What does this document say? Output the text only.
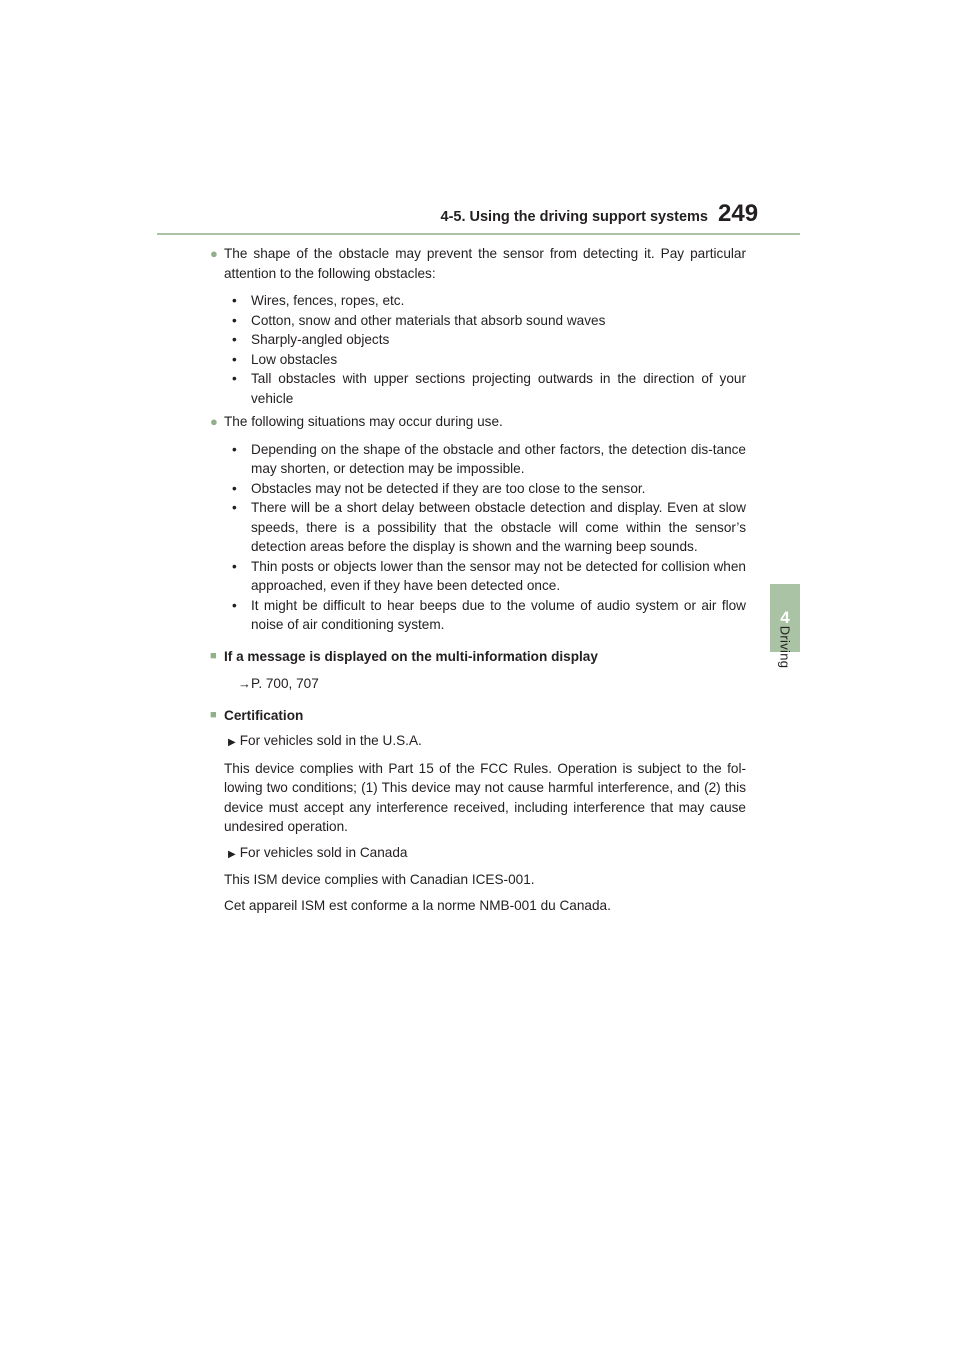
4-5. Using the driving support systems 249
4
Driving
● The shape of the obstacle may prevent the sensor from detecting it. Pay particular attention to the following obstacles:
• Wires, fences, ropes, etc.
• Cotton, snow and other materials that absorb sound waves
• Sharply-angled objects
• Low obstacles
• Tall obstacles with upper sections projecting outwards in the direction of your vehicle
● The following situations may occur during use.
• Depending on the shape of the obstacle and other factors, the detection dis-tance may shorten, or detection may be impossible.
• Obstacles may not be detected if they are too close to the sensor.
• There will be a short delay between obstacle detection and display. Even at slow speeds, there is a possibility that the obstacle will come within the sensor’s detection areas before the display is shown and the warning beep sounds.
• Thin posts or objects lower than the sensor may not be detected for collision when approached, even if they have been detected once.
• It might be difficult to hear beeps due to the volume of audio system or air flow noise of air conditioning system.
■ If a message is displayed on the multi-information display
→P. 700, 707
■ Certification
▶ For vehicles sold in the U.S.A.
This device complies with Part 15 of the FCC Rules. Operation is subject to the fol-lowing two conditions; (1) This device may not cause harmful interference, and (2) this device must accept any interference received, including interference that may cause undesired operation.
▶ For vehicles sold in Canada
This ISM device complies with Canadian ICES-001.
Cet appareil ISM est conforme a la norme NMB-001 du Canada.
